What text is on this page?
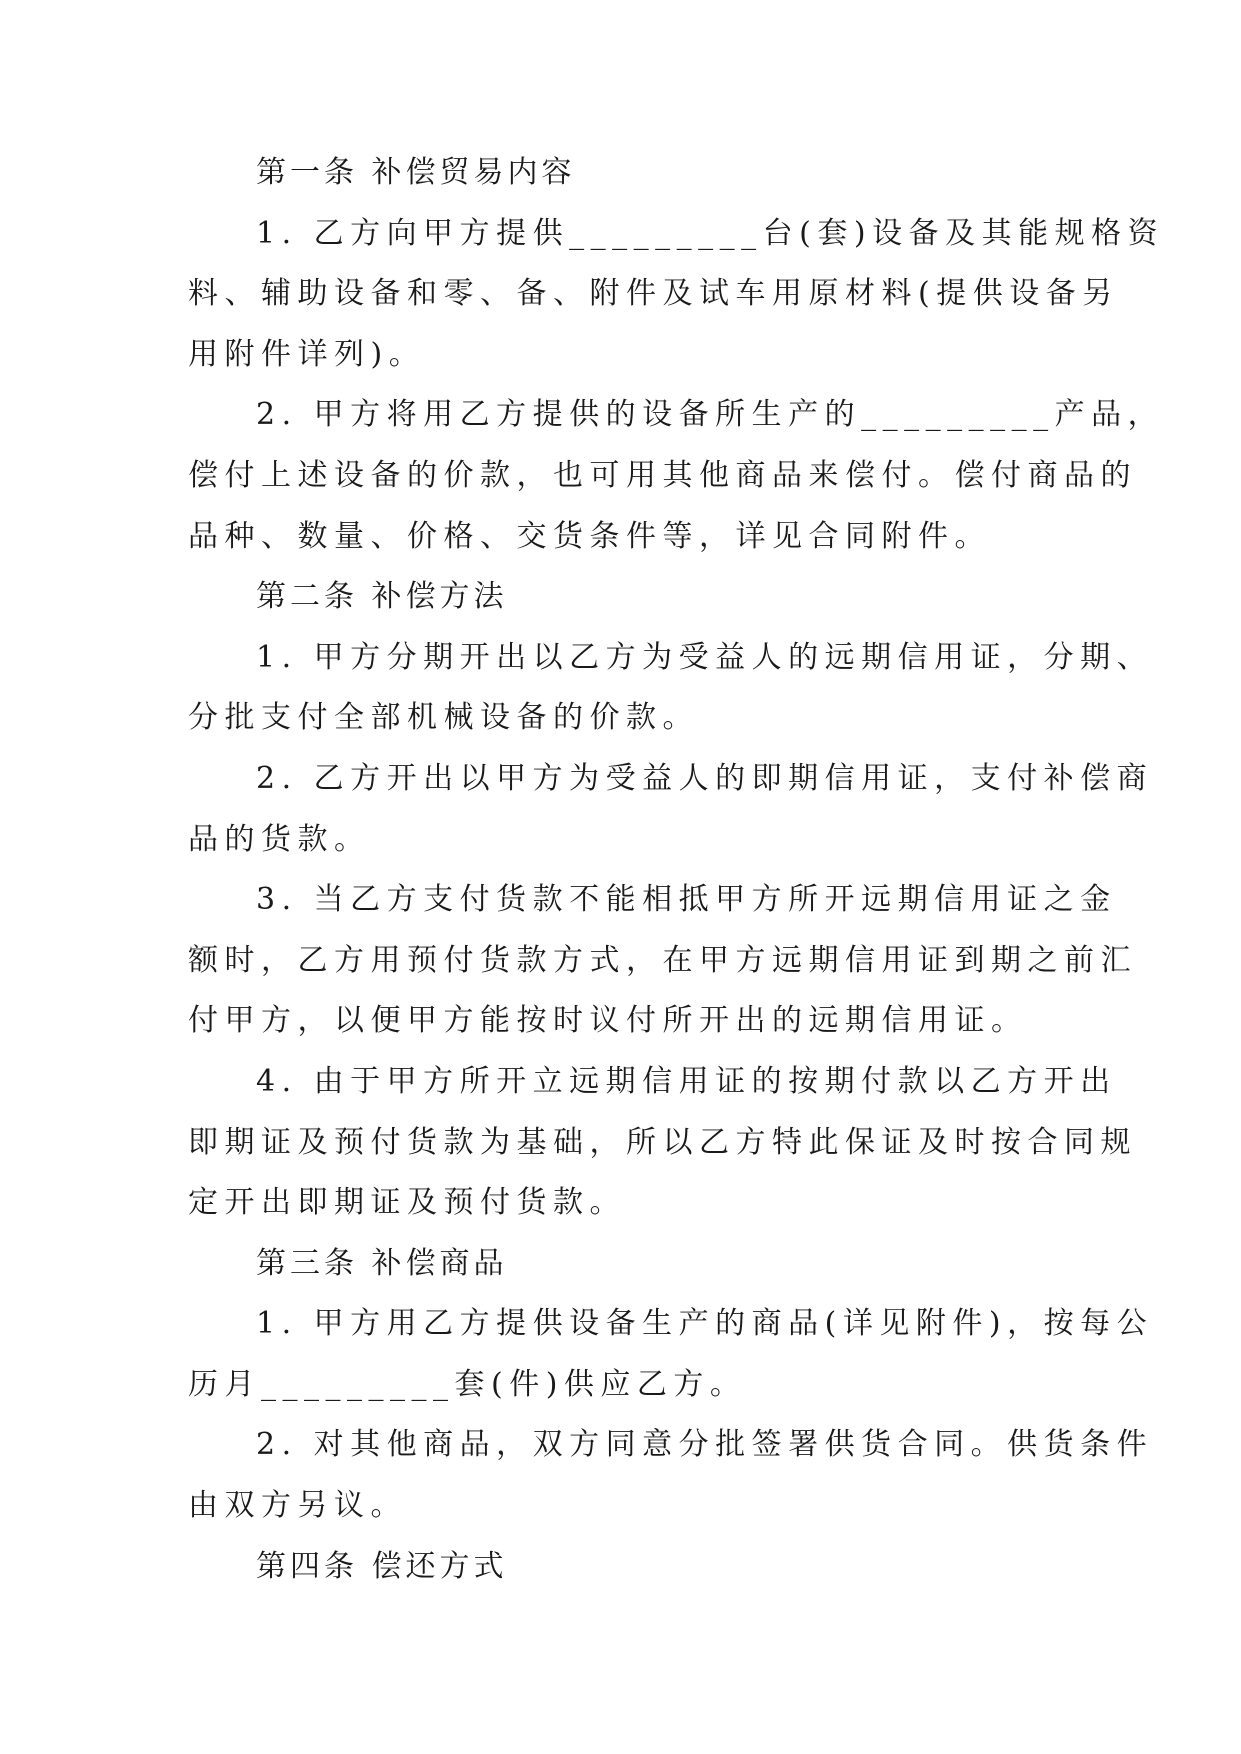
第一条 补偿贸易内容
1. 乙方向甲方提供_________台(套)设备及其能规格资
料、辅助设备和零、备、附件及试车用原材料(提供设备另
用附件详列)。
2. 甲方将用乙方提供的设备所生产的_________产品，
偿付上述设备的价款，也可用其他商品来偿付。偿付商品的
品种、数量、价格、交货条件等，详见合同附件。
第二条 补偿方法
1. 甲方分期开出以乙方为受益人的远期信用证，分期、
分批支付全部机械设备的价款。
2. 乙方开出以甲方为受益人的即期信用证，支付补偿商
品的货款。
3. 当乙方支付货款不能相抵甲方所开远期信用证之金
额时，乙方用预付货款方式，在甲方远期信用证到期之前汇
付甲方，以便甲方能按时议付所开出的远期信用证。
4. 由于甲方所开立远期信用证的按期付款以乙方开出
即期证及预付货款为基础，所以乙方特此保证及时按合同规
定开出即期证及预付货款。
第三条 补偿商品
1. 甲方用乙方提供设备生产的商品(详见附件)，按每公
历月_________套(件)供应乙方。
2. 对其他商品，双方同意分批签署供货合同。供货条件
由双方另议。
第四条 偿还方式
